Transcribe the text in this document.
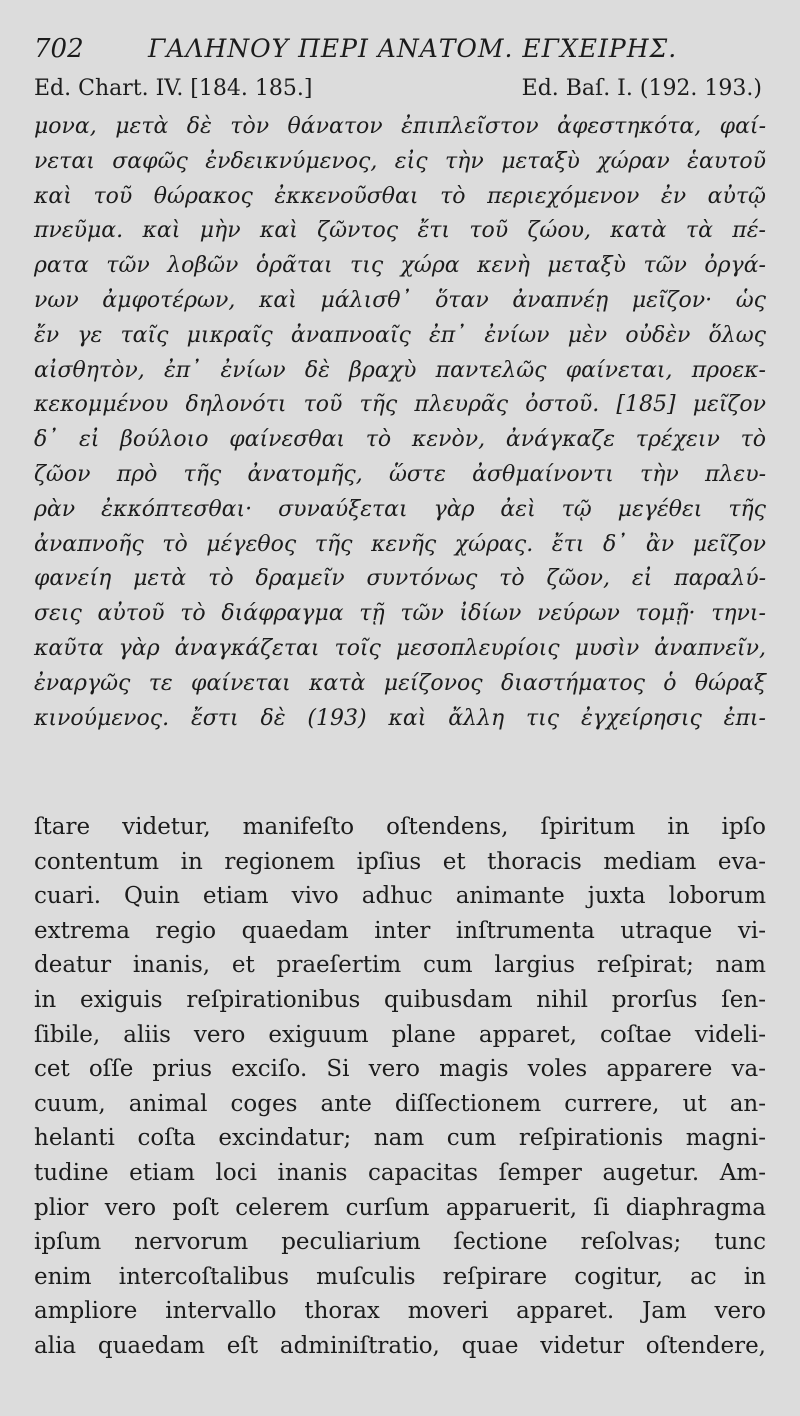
702	ΓΑΛΗΝΟΥ ΠΕΡΙ ΑΝΑΤΟΜ. ΕΓΧΕΙΡΗΣ.
Ed. Chart. IV. [184. 185.]	Ed. Baſ. I. (192. 193.)
μονα, μετὰ δὲ τὸν θάνατον ἐπιπλεῖστον ἀφεστηκότα, φαί-
νεται σαφῶς ἐνδεικνύμενος, εἰς τὴν μεταξὺ χώραν ἑαυτοῦ
καὶ τοῦ θώρακος ἐκκενοῦσθαι τὸ περιεχόμενον ἐν αὐτῷ
πνεῦμα. καὶ μὴν καὶ ζῶντος ἔτι τοῦ ζώου, κατὰ τὰ πέ-
ρατα τῶν λοβῶν ὁρᾶται τις χώρα κενὴ μεταξὺ τῶν ὀργά-
νων ἀμφοτέρων, καὶ μάλισθ᾽ ὅταν ἀναπνέῃ μεῖζον· ὡς
ἔν γε ταῖς μικραῖς ἀναπνοαῖς ἐπ᾽ ἐνίων μὲν οὐδὲν ὅλως
αἰσθητὸν, ἐπ᾽ ἐνίων δὲ βραχὺ παντελῶς φαίνεται, προεκ-
κεκομμένου δηλονότι τοῦ τῆς πλευρᾶς ὀστοῦ. [185] μεῖζον
δ᾽ εἰ βούλοιο φαίνεσθαι τὸ κενὸν, ἀνάγκαζε τρέχειν τὸ
ζῶον πρὸ τῆς ἀνατομῆς, ὥστε ἀσθμαίνοντι τὴν πλευ-
ρὰν ἐκκόπτεσθαι· συναύξεται γὰρ ἀεὶ τῷ μεγέθει τῆς
ἀναπνοῆς τὸ μέγεθος τῆς κενῆς χώρας. ἔτι δ᾽ ἂν μεῖζον
φανείη μετὰ τὸ δραμεῖν συντόνως τὸ ζῶον, εἰ παραλύ-
σεις αὐτοῦ τὸ διάφραγμα τῇ τῶν ἰδίων νεύρων τομῇ· τηνι-
καῦτα γὰρ ἀναγκάζεται τοῖς μεσοπλευρίοις μυσὶν ἀναπνεῖν,
ἐναργῶς τε φαίνεται κατὰ μείζονος διαστήματος ὁ θώραξ
κινούμενος. ἔστι δὲ (193) καὶ ἄλλη τις ἐγχείρησις ἐπι-
ſtare videtur, manifeſto oſtendens, ſpiritum in ipſo
contentum in regionem ipſius et thoracis mediam eva-
cuari. Quin etiam vivo adhuc animante juxta loborum
extrema regio quaedam inter inſtrumenta utraque vi-
deatur inanis, et praeſertim cum largius reſpirat; nam
in exiguis reſpirationibus quibusdam nihil prorſus ſen-
ſibile, aliis vero exiguum plane apparet, coſtae videli-
cet oſſe prius exciſo. Si vero magis voles apparere va-
cuum, animal coges ante diſſectionem currere, ut an-
helanti coſta excindatur; nam cum reſpirationis magni-
tudine etiam loci inanis capacitas ſemper augetur. Am-
plior vero poſt celerem curſum apparuerit, ſi diaphragma
ipſum nervorum peculiarium ſectione reſolvas; tunc
enim intercoſtalibus muſculis reſpirare cogitur, ac in
ampliore intervallo thorax moveri apparet. Jam vero
alia quaedam eſt adminiſtratio, quae videtur oſtendere,
